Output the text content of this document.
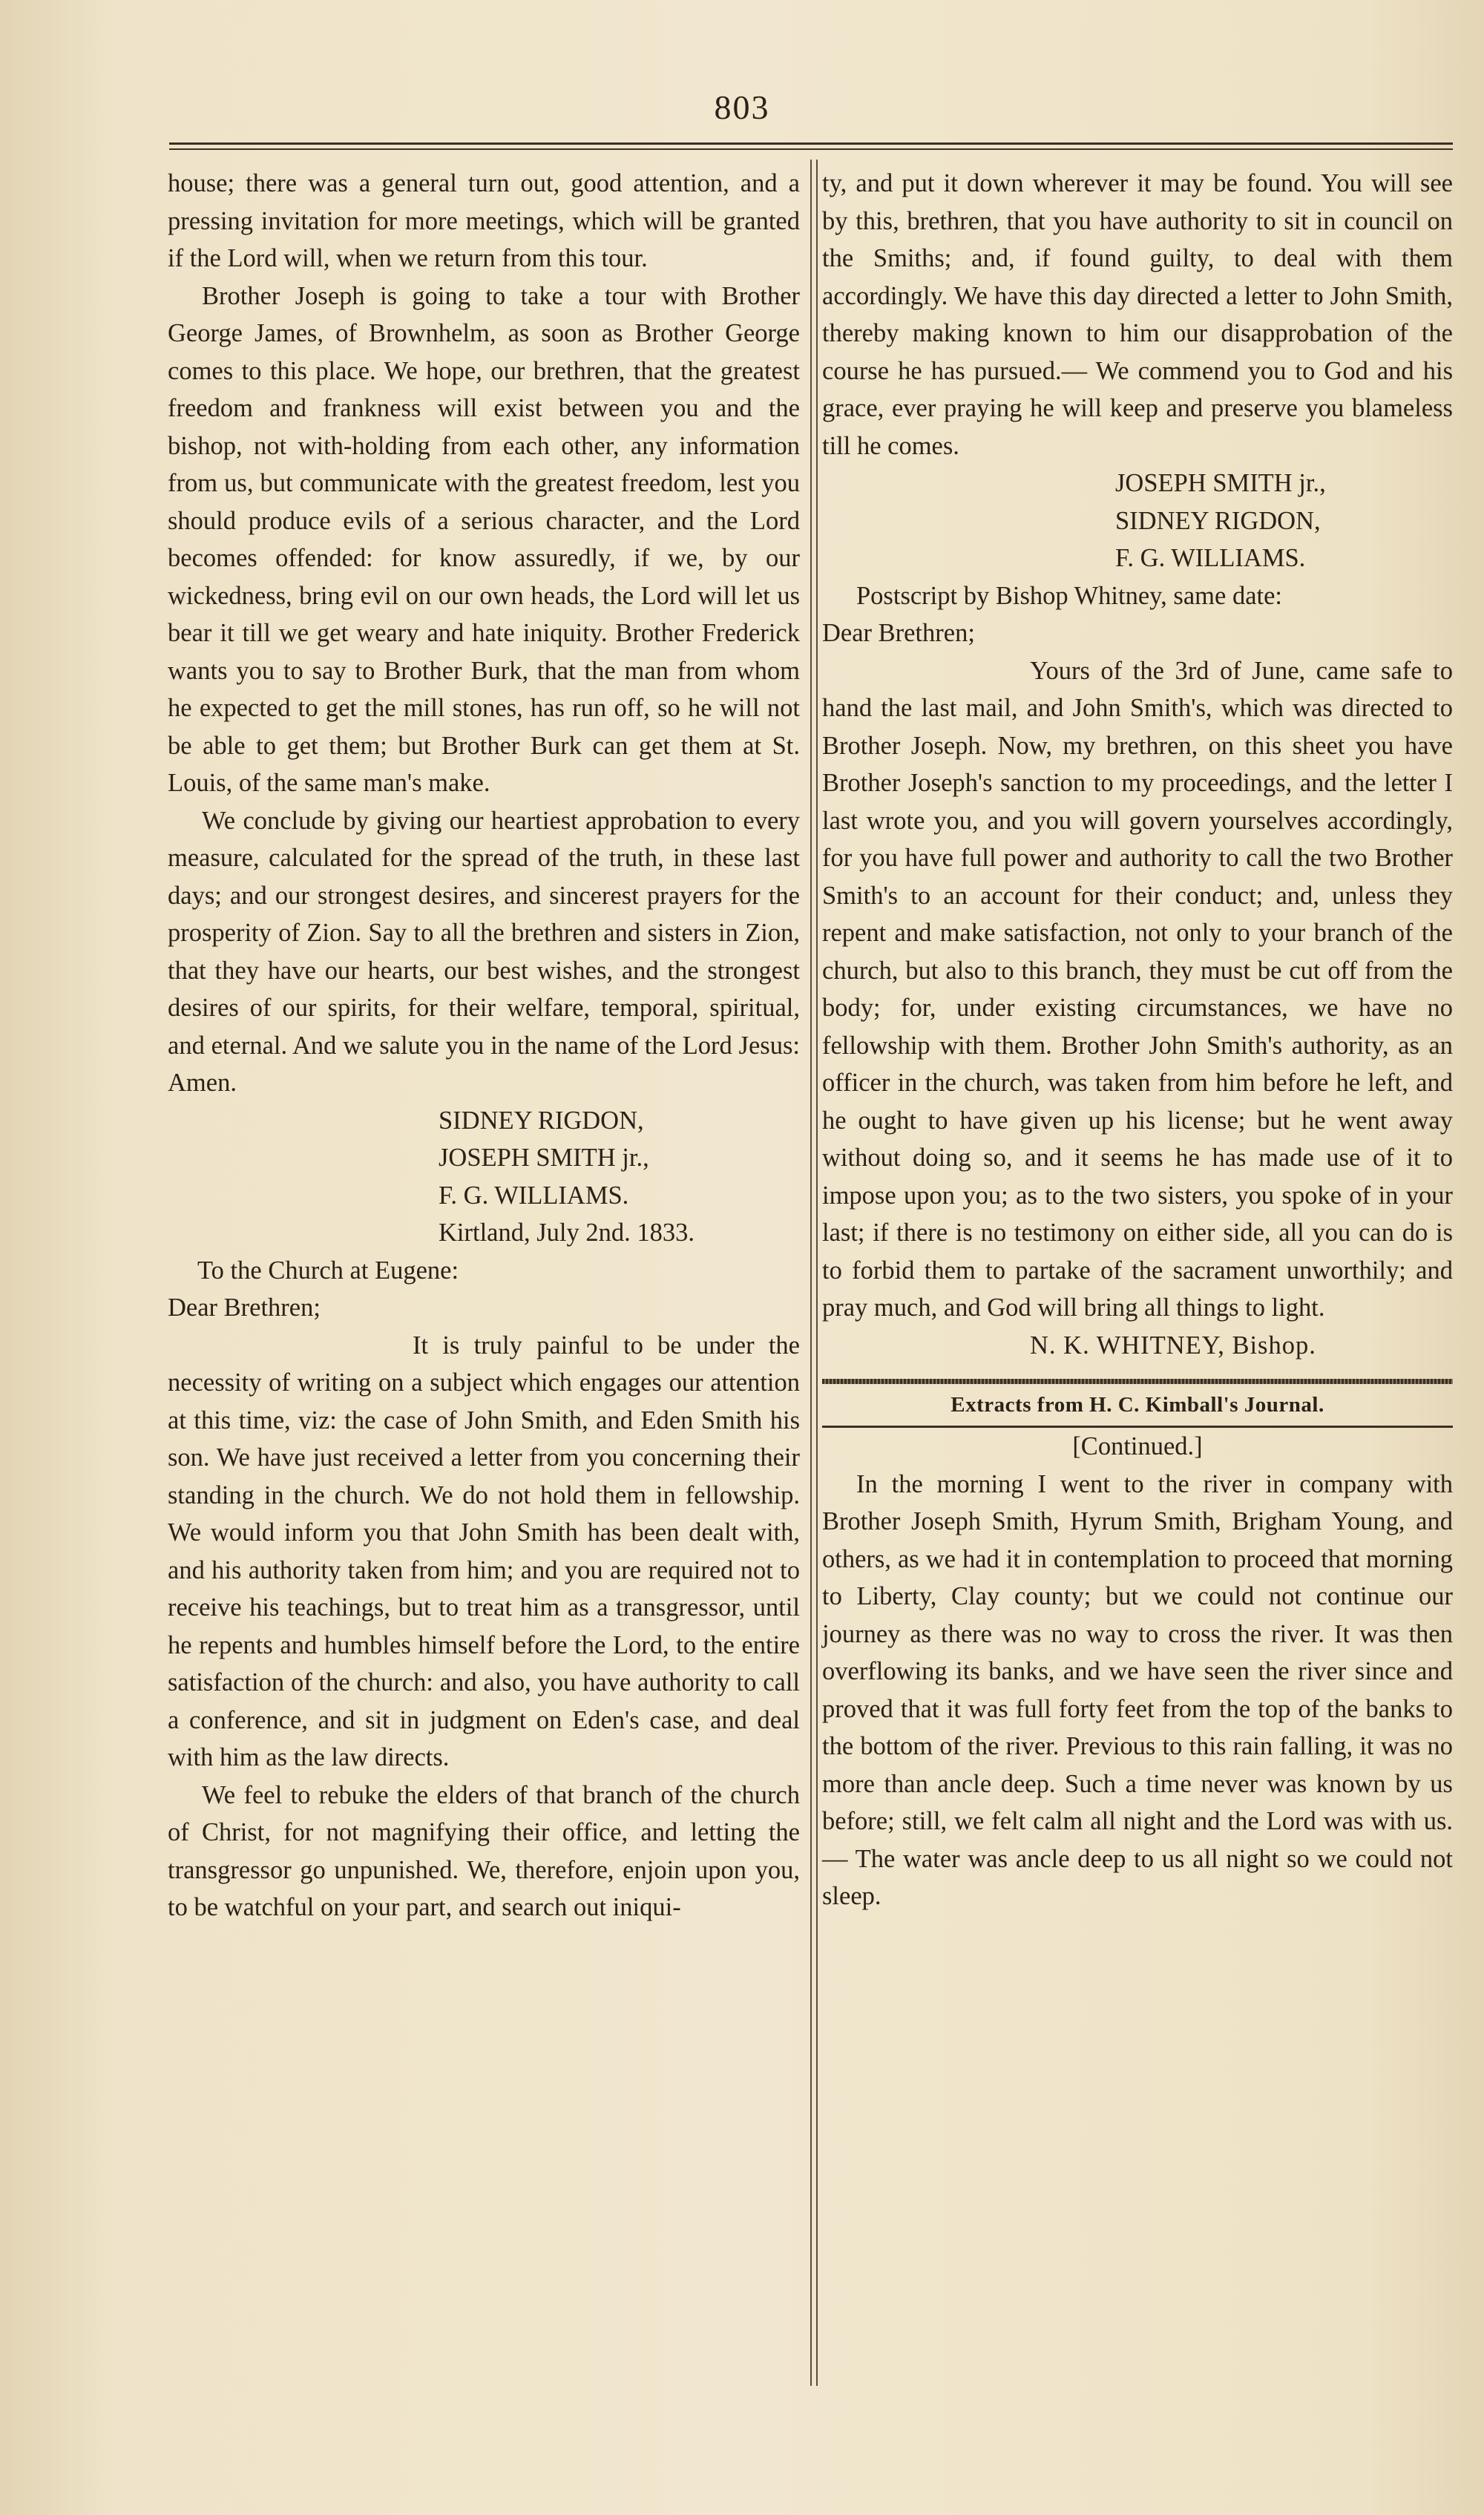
803

house; there was a general turn out, good attention, and a pressing invitation for more meetings, which will be granted if the Lord will, when we return from this tour.

Brother Joseph is going to take a tour with Brother George James, of Brownhelm, as soon as Brother George comes to this place. We hope, our brethren, that the greatest freedom and frankness will exist between you and the bishop, not with-holding from each other, any information from us, but communicate with the greatest freedom, lest you should produce evils of a serious character, and the Lord becomes offended: for know assuredly, if we, by our wickedness, bring evil on our own heads, the Lord will let us bear it till we get weary and hate iniquity. Brother Frederick wants you to say to Brother Burk, that the man from whom he expected to get the mill stones, has run off, so he will not be able to get them; but Brother Burk can get them at St. Louis, of the same man's make.

We conclude by giving our heartiest approbation to every measure, calculated for the spread of the truth, in these last days; and our strongest desires, and sincerest prayers for the prosperity of Zion. Say to all the brethren and sisters in Zion, that they have our hearts, our best wishes, and the strongest desires of our spirits, for their welfare, temporal, spiritual, and eternal. And we salute you in the name of the Lord Jesus: Amen.

SIDNEY RIGDON,
JOSEPH SMITH jr.,
F. G. WILLIAMS.
Kirtland, July 2nd. 1833.

To the Church at Eugene:

Dear Brethren;

It is truly painful to be under the necessity of writing on a subject which engages our attention at this time, viz: the case of John Smith, and Eden Smith his son. We have just received a letter from you concerning their standing in the church. We do not hold them in fellowship. We would inform you that John Smith has been dealt with, and his authority taken from him; and you are required not to receive his teachings, but to treat him as a transgressor, until he repents and humbles himself before the Lord, to the entire satisfaction of the church: and also, you have authority to call a conference, and sit in judgment on Eden's case, and deal with him as the law directs.

We feel to rebuke the elders of that branch of the church of Christ, for not magnifying their office, and letting the transgressor go unpunished. We, therefore, enjoin upon you, to be watchful on your part, and search out iniqui-

ty, and put it down wherever it may be found. You will see by this, brethren, that you have authority to sit in council on the Smiths; and, if found guilty, to deal with them accordingly. We have this day directed a letter to John Smith, thereby making known to him our disapprobation of the course he has pursued.— We commend you to God and his grace, ever praying he will keep and preserve you blameless till he comes.

JOSEPH SMITH jr.,
SIDNEY RIGDON,
F. G. WILLIAMS.

Postscript by Bishop Whitney, same date:

Dear Brethren;

Yours of the 3rd of June, came safe to hand the last mail, and John Smith's, which was directed to Brother Joseph. Now, my brethren, on this sheet you have Brother Joseph's sanction to my proceedings, and the letter I last wrote you, and you will govern yourselves accordingly, for you have full power and authority to call the two Brother Smith's to an account for their conduct; and, unless they repent and make satisfaction, not only to your branch of the church, but also to this branch, they must be cut off from the body; for, under existing circumstances, we have no fellowship with them. Brother John Smith's authority, as an officer in the church, was taken from him before he left, and he ought to have given up his license; but he went away without doing so, and it seems he has made use of it to impose upon you; as to the two sisters, you spoke of in your last; if there is no testimony on either side, all you can do is to forbid them to partake of the sacrament unworthily; and pray much, and God will bring all things to light.

N. K. WHITNEY, Bishop.

Extracts from H. C. Kimball's Journal.

[Continued.]

In the morning I went to the river in company with Brother Joseph Smith, Hyrum Smith, Brigham Young, and others, as we had it in contemplation to proceed that morning to Liberty, Clay county; but we could not continue our journey as there was no way to cross the river. It was then overflowing its banks, and we have seen the river since and proved that it was full forty feet from the top of the banks to the bottom of the river. Previous to this rain falling, it was no more than ancle deep. Such a time never was known by us before; still, we felt calm all night and the Lord was with us.— The water was ancle deep to us all night so we could not sleep.
